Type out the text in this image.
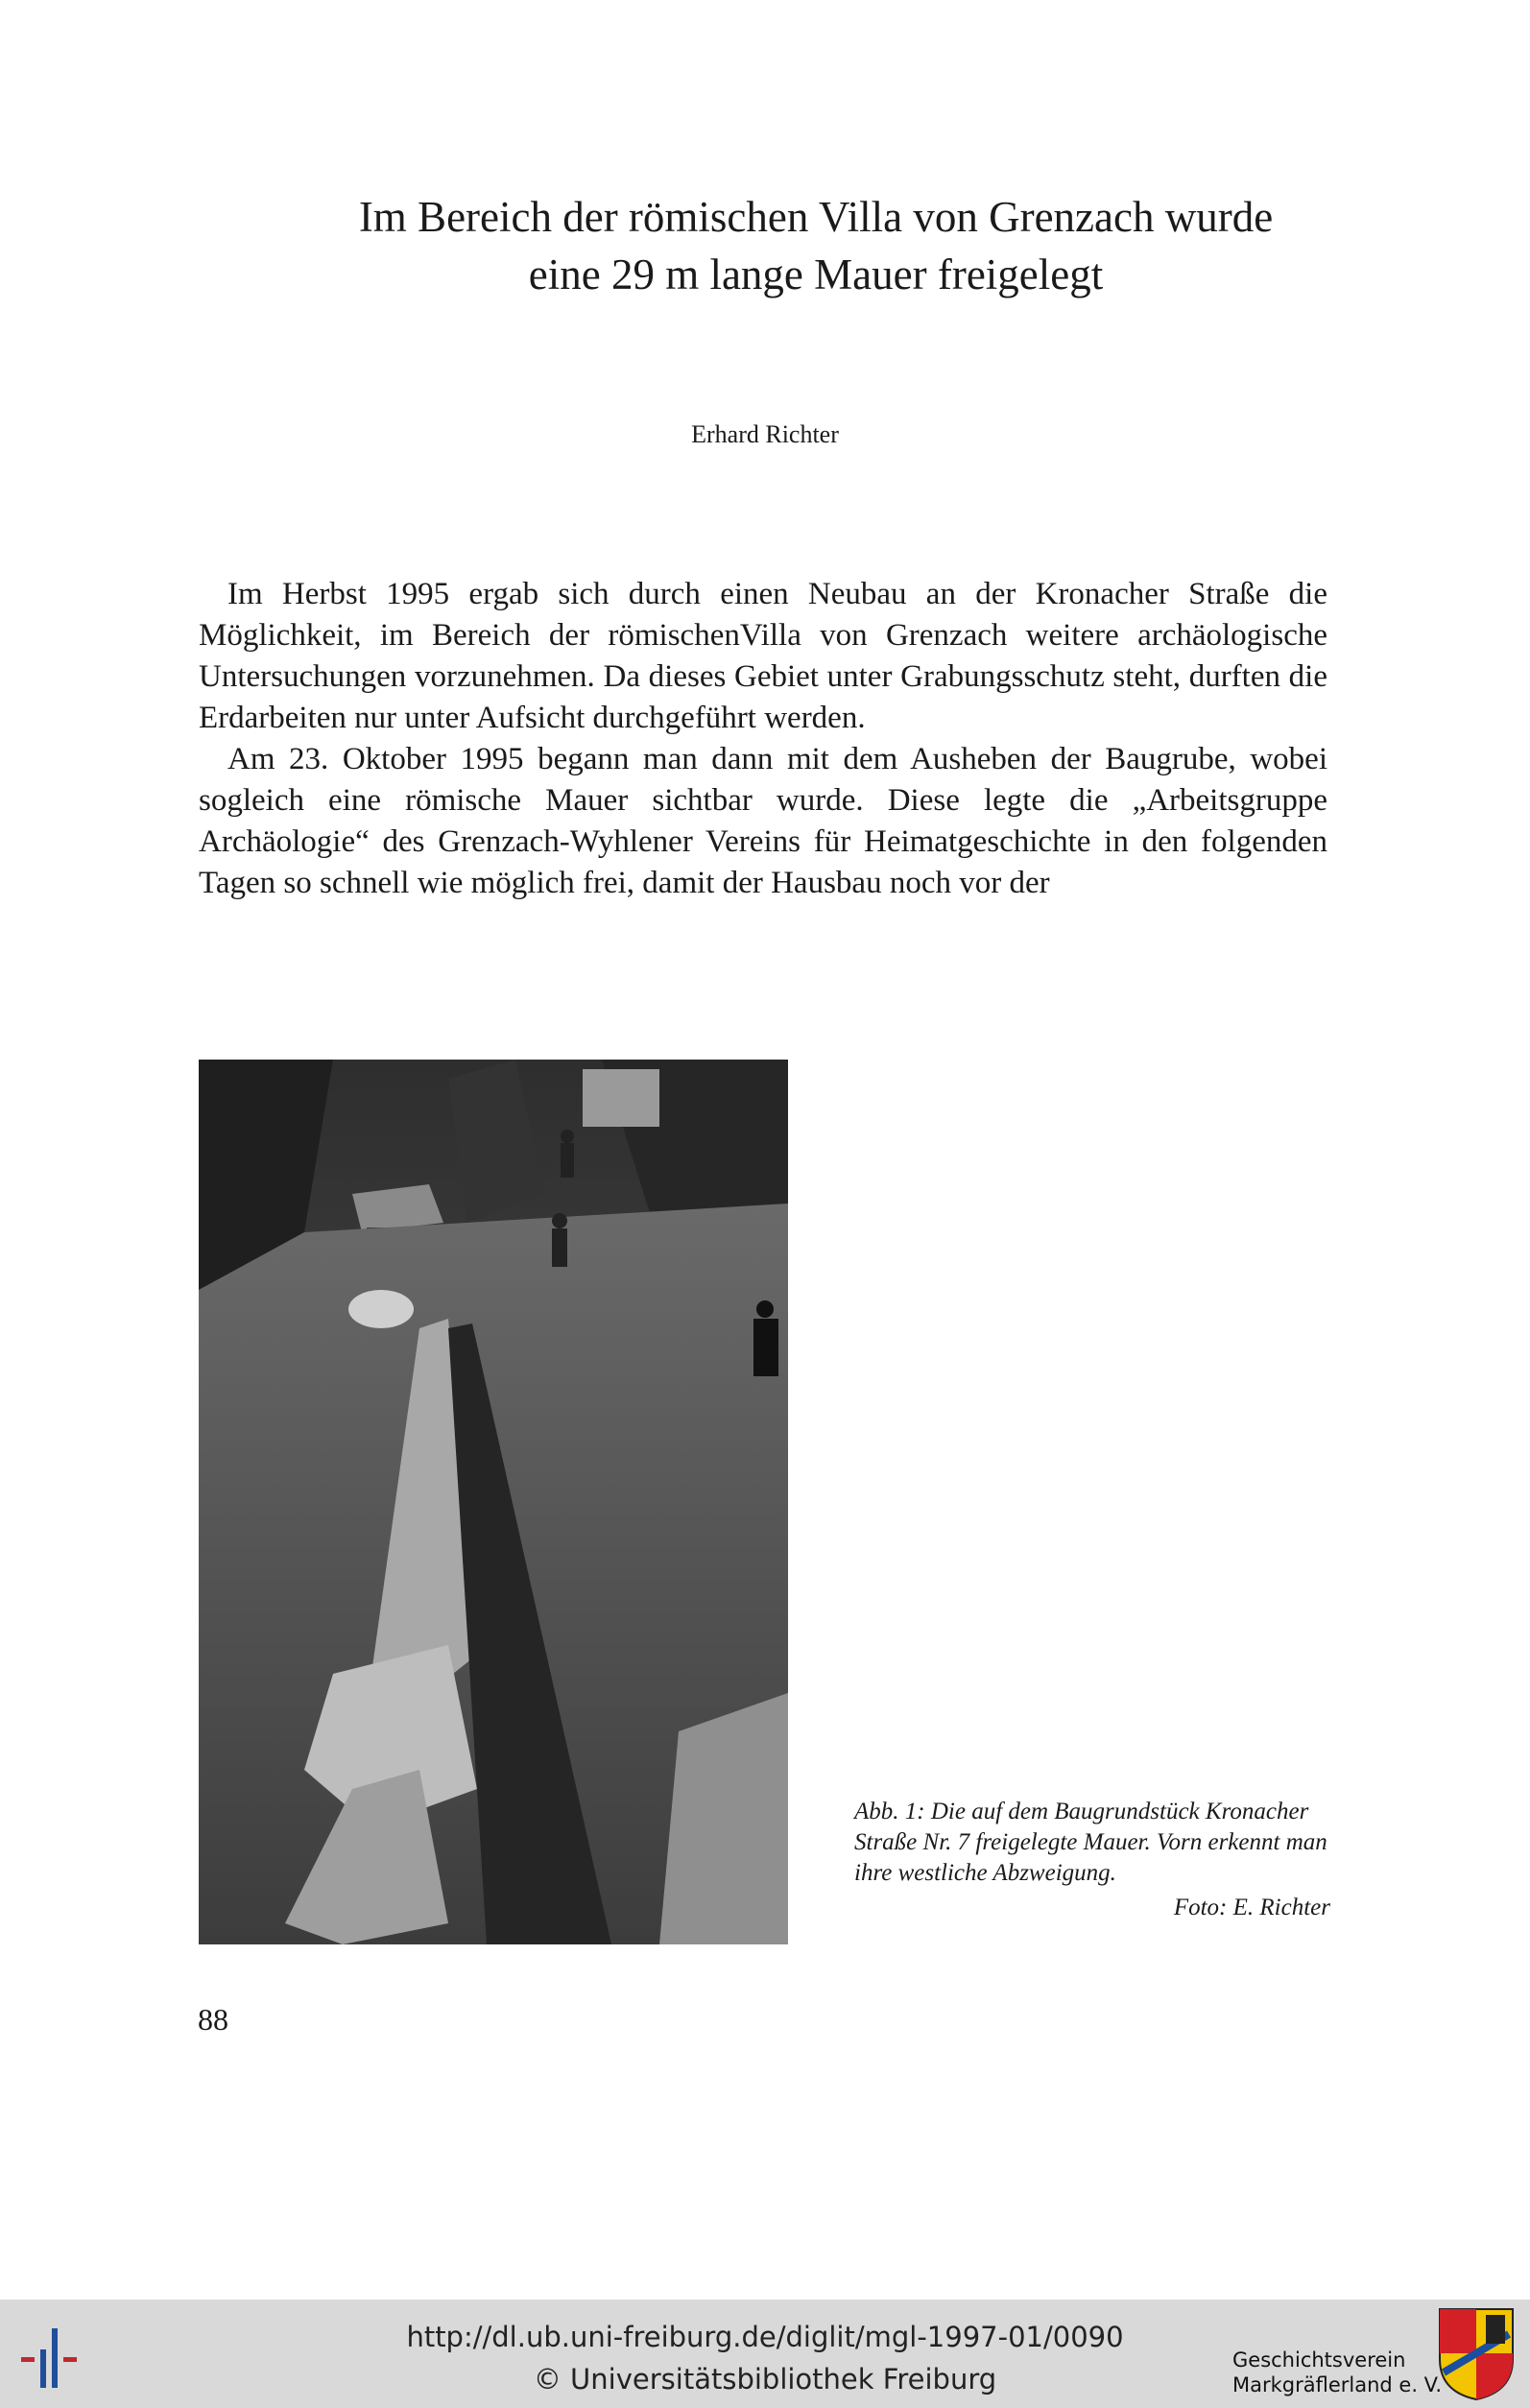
Im Bereich der römischen Villa von Grenzach wurde
eine 29 m lange Mauer freigelegt
Erhard Richter

Im Herbst 1995 ergab sich durch einen Neubau an der Kronacher Straße die Möglichkeit, im Bereich der römischenVilla von Grenzach weitere archäologische Untersuchungen vorzunehmen. Da dieses Gebiet unter Grabungsschutz steht, durften die Erdarbeiten nur unter Aufsicht durchgeführt werden.

Am 23. Oktober 1995 begann man dann mit dem Ausheben der Baugrube, wobei sogleich eine römische Mauer sichtbar wurde. Diese legte die „Arbeitsgruppe Archäologie“ des Grenzach-Wyhlener Vereins für Heimatgeschichte in den folgenden Tagen so schnell wie möglich frei, damit der Hausbau noch vor der

Abb. 1: Die auf dem Baugrundstück Kronacher Straße Nr. 7 freigelegte Mauer. Vorn erkennt man ihre westliche Abzweigung.
Foto: E. Richter
88
http://dl.ub.uni-freiburg.de/diglit/mgl-1997-01/0090
© Universitätsbibliothek Freiburg
Geschichtsverein
Markgräflerland e. V.
